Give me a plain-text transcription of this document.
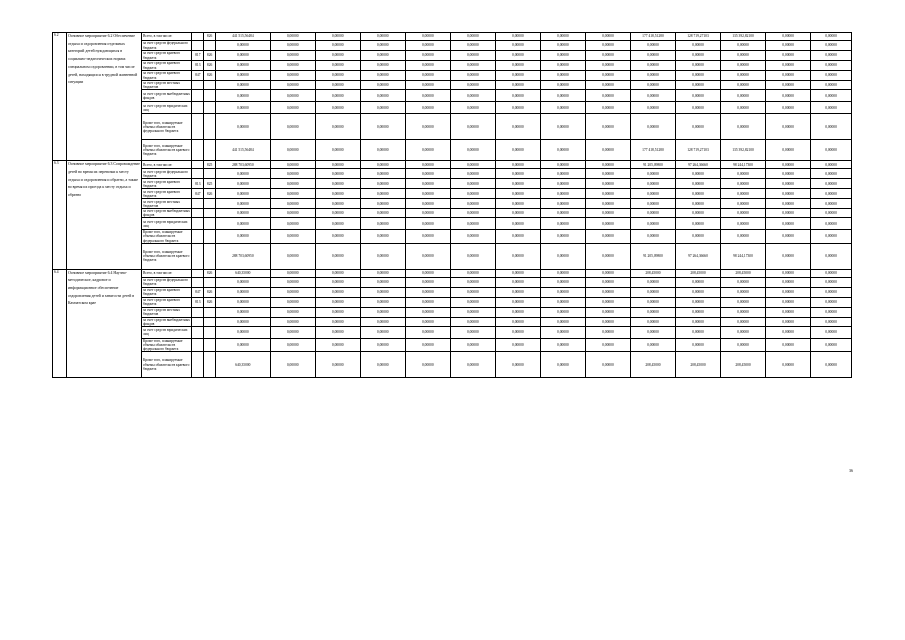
6.2	Основное мероприятие 6.2 Обеспечение отдыха и оздоровления отдельных категорий детей нуждающихся в социально-педагогических нормах специальном оздоровлении, в том числе детей, находящихся в трудной жизненной ситуации	Всего, в том числе:		826	441 515,56484	0,00000	0,00000	0,00000	0,00000	0,00000	0,00000	0,00000	0,00000	177 418,51280	128 719,27103	135 392,82100	0,00000	0,00000
		за счет средств федерального бюджета			0,00000	0,00000	0,00000	0,00000	0,00000	0,00000	0,00000	0,00000	0,00000	0,00000	0,00000	0,00000	0,00000	0,00000
		за счет средств краевого бюджета	817	826	0,00000	0,00000	0,00000	0,00000	0,00000	0,00000	0,00000	0,00000	0,00000	0,00000	0,00000	0,00000	0,00000	0,00000
		за счет средств краевого бюджета	813	826	0,00000	0,00000	0,00000	0,00000	0,00000	0,00000	0,00000	0,00000	0,00000	0,00000	0,00000	0,00000	0,00000	0,00000
		за счет средств краевого бюджета	847	826	0,00000	0,00000	0,00000	0,00000	0,00000	0,00000	0,00000	0,00000	0,00000	0,00000	0,00000	0,00000	0,00000	0,00000
		за счет средств местных бюджетов			0,00000	0,00000	0,00000	0,00000	0,00000	0,00000	0,00000	0,00000	0,00000	0,00000	0,00000	0,00000	0,00000	0,00000
		за счет средств внебюджетных фондов			0,00000	0,00000	0,00000	0,00000	0,00000	0,00000	0,00000	0,00000	0,00000	0,00000	0,00000	0,00000	0,00000	0,00000
		за счет средств юридических лиц			0,00000	0,00000	0,00000	0,00000	0,00000	0,00000	0,00000	0,00000	0,00000	0,00000	0,00000	0,00000	0,00000	0,00000
		Кроме того, планируемые объемы обязательств федерального бюджета			0,00000	0,00000	0,00000	0,00000	0,00000	0,00000	0,00000	0,00000	0,00000	0,00000	0,00000	0,00000	0,00000	0,00000
		Кроме того, планируемые объемы обязательств краевого бюджета			441 515,56484	0,00000	0,00000	0,00000	0,00000	0,00000	0,00000	0,00000	0,00000	177 418,51280	128 719,27103	135 392,82100	0,00000	0,00000
6.3	Основное мероприятие 6.3 Сопровождение детей во время их перевозки к месту отдыха и оздоровления и обратно, а также во время их проезда к месту отдыха и обратно	Всего, в том числе:		825	288 703,60950	0,00000	0,00000	0,00000	0,00000	0,00000	0,00000	0,00000	0,00000	91 205,09800	97 264,36660	98 244,17300	0,00000	0,00000
		за счет средств федерального бюджета			0,00000	0,00000	0,00000	0,00000	0,00000	0,00000	0,00000	0,00000	0,00000	0,00000	0,00000	0,00000	0,00000	0,00000
		за счет средств краевого бюджета	813	825	0,00000	0,00000	0,00000	0,00000	0,00000	0,00000	0,00000	0,00000	0,00000	0,00000	0,00000	0,00000	0,00000	0,00000
		за счет средств краевого бюджета	847	826	0,00000	0,00000	0,00000	0,00000	0,00000	0,00000	0,00000	0,00000	0,00000	0,00000	0,00000	0,00000	0,00000	0,00000
		за счет средств местных бюджетов			0,00000	0,00000	0,00000	0,00000	0,00000	0,00000	0,00000	0,00000	0,00000	0,00000	0,00000	0,00000	0,00000	0,00000
		за счет средств внебюджетных фондов			0,00000	0,00000	0,00000	0,00000	0,00000	0,00000	0,00000	0,00000	0,00000	0,00000	0,00000	0,00000	0,00000	0,00000
		за счет средств юридических лиц			0,00000	0,00000	0,00000	0,00000	0,00000	0,00000	0,00000	0,00000	0,00000	0,00000	0,00000	0,00000	0,00000	0,00000
		Кроме того, планируемые объемы обязательств федерального бюджета			0,00000	0,00000	0,00000	0,00000	0,00000	0,00000	0,00000	0,00000	0,00000	0,00000	0,00000	0,00000	0,00000	0,00000
		Кроме того, планируемые объемы обязательств краевого бюджета			288 703,60950	0,00000	0,00000	0,00000	0,00000	0,00000	0,00000	0,00000	0,00000	91 205,09800	97 264,36660	98 244,17300	0,00000	0,00000
6.4	Основное мероприятие 6.4 Научно-методическое, кадровое и информационное обеспечение оздоровления детей и занятости детей в Камчатском крае	Всего, в том числе:		826	640,35000	0,00000	0,00000	0,00000	0,00000	0,00000	0,00000	0,00000	0,00000	208,45000	208,45000	208,45000	0,00000	0,00000
		за счет средств федерального бюджета			0,00000	0,00000	0,00000	0,00000	0,00000	0,00000	0,00000	0,00000	0,00000	0,00000	0,00000	0,00000	0,00000	0,00000
		за счет средств краевого бюджета	847	826	0,00000	0,00000	0,00000	0,00000	0,00000	0,00000	0,00000	0,00000	0,00000	0,00000	0,00000	0,00000	0,00000	0,00000
		за счет средств краевого бюджета	813	826	0,00000	0,00000	0,00000	0,00000	0,00000	0,00000	0,00000	0,00000	0,00000	0,00000	0,00000	0,00000	0,00000	0,00000
		за счет средств местных бюджетов			0,00000	0,00000	0,00000	0,00000	0,00000	0,00000	0,00000	0,00000	0,00000	0,00000	0,00000	0,00000	0,00000	0,00000
		за счет средств внебюджетных фондов			0,00000	0,00000	0,00000	0,00000	0,00000	0,00000	0,00000	0,00000	0,00000	0,00000	0,00000	0,00000	0,00000	0,00000
		за счет средств юридических лиц			0,00000	0,00000	0,00000	0,00000	0,00000	0,00000	0,00000	0,00000	0,00000	0,00000	0,00000	0,00000	0,00000	0,00000
		Кроме того, планируемые объемы обязательств федерального бюджета			0,00000	0,00000	0,00000	0,00000	0,00000	0,00000	0,00000	0,00000	0,00000	0,00000	0,00000	0,00000	0,00000	0,00000
		Кроме того, планируемые объемы обязательств краевого бюджета			640,35000	0,00000	0,00000	0,00000	0,00000	0,00000	0,00000	0,00000	0,00000	208,45000	208,45000	208,45000	0,00000	0,00000
36
